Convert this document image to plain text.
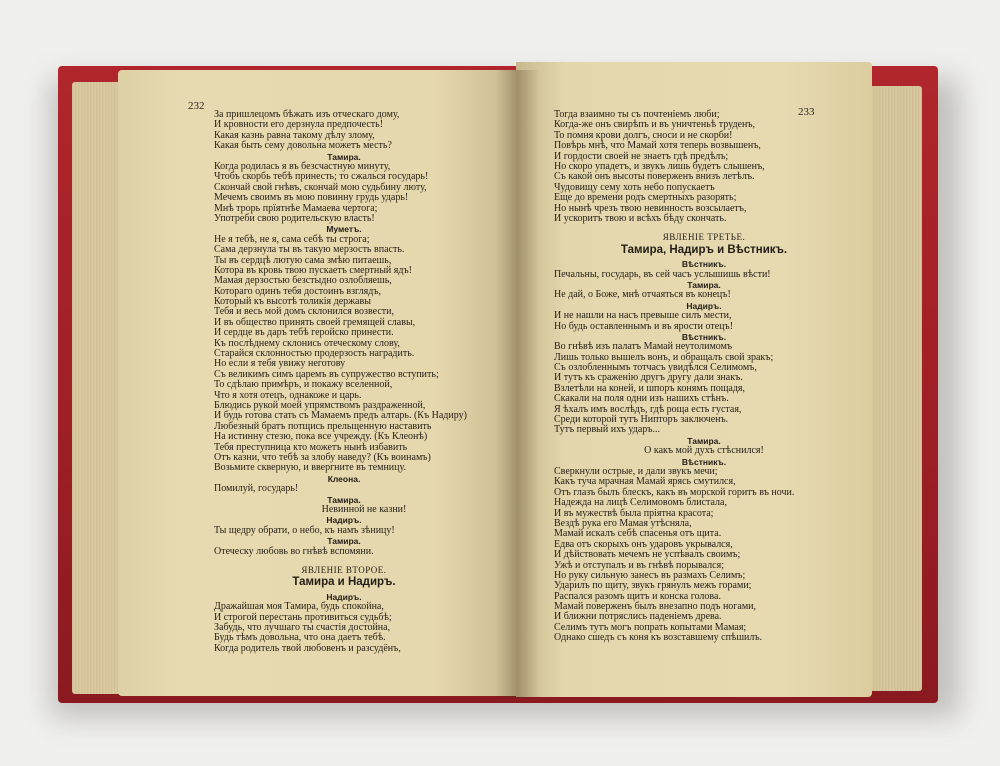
232
За пришлецомъ бѣжать изъ отческаго дому,
И кровности его дерзнула предпочесть!
Какая казнь равна такому дѣлу злому,
Какая быть сему довольна можетъ месть?
Тамира.
Когда родилась я въ безсчастную минуту,
Чтобъ скорбь тебѣ принесть; то сжалься государь!
Скончай свой гнѣвъ, скончай мою судьбину люту,
Мечемъ своимъ въ мою повинну грудь ударь!
Мнѣ трорь прїятнѣе Мамаева чертога;
Употреби свою родительскую власть!
Муметъ.
Не я тебѣ, не я, сама себѣ ты строга;
Сама дерзнула ты въ такую мерзость впасть.
Ты въ сердцѣ лютую сама змѣю питаешь,
Котора въ кровь твою пускаетъ смертный ядъ!
Мамая дерзостью безстыдно озлобляешь,
Котораго одинъ тебя достоинъ взглядъ,
Который къ высотѣ толикiя державы
Тебя и весь мой домъ склонился возвести,
И въ общество принять своей гремящей славы,
И сердце въ даръ тебѣ геройско принести.
Къ послѣднему склонись отеческому слову,
Старайся склонностью продерзость наградить.
Но если я тебя увижу неготову
Съ великимъ симъ царемъ въ супружество вступить;
То сдѣлаю примѣръ, и покажу вселенной,
Что я хотя отецъ, однакоже и царь.
Блюдись рукой моей упрямствомъ раздраженной,
И будь готова стать съ Мамаемъ предъ алтарь. (Къ Надиру)
Любезный братъ потщись прельщенную наставить
На истинну стезю, пока все учрежду. (Къ Клеонѣ)
Тебя преступница кто можетъ нынѣ избавить
Отъ казни, что тебѣ за злобу наведу? (Къ воинамъ)
Возьмите скверную, и ввергните въ темницу.
Клеона.
Помилуй, государь!
Тамира.
Невинной не казни!
Надиръ.
Ты щедру обрати, о небо, къ намъ зѣницу!
Тамира.
Отеческу любовь во гнѣвѣ вспомяни.
ЯВЛЕНІЕ ВТОРОЕ.
Тамира и Надиръ.
Надиръ.
Дражайшая моя Тамира, будь спокойна,
И строгой перестань противиться судьбѣ;
Забудь, что лучшаго ты счастiя достойна,
Будь тѣмъ довольна, что она даетъ тебѣ.
Когда родитель твой любовенъ и разсудёнъ,
233
Тогда взаимно ты съ почтенiемъ люби;
Когда-же онъ свирѣпъ и въ уничтеньѣ труденъ,
То помня крови долгъ, сноси и не скорби!
Повѣрь мнѣ, что Мамай хотя теперь возвышенъ,
И гордости своей не знаетъ гдѣ предѣлъ;
Но скоро упадетъ, и звукъ лишь будетъ слышенъ,
Съ какой онъ высоты поверженъ внизъ летѣлъ.
Чудовищу сему хоть небо попускаетъ
Еще до времени родъ смертныхъ разорять;
Но нынѣ чрезъ твою невинность возсылаетъ,
И ускоритъ твою и всѣхъ бѣду скончать.
ЯВЛЕНІЕ ТРЕТЬЕ.
Тамира, Надиръ и Вѣстникъ.
Вѣстникъ.
Печальны, государь, въ сей часъ услышишь вѣсти!
Тамира.
Не дай, о Боже, мнѣ отчаяться въ конецъ!
Надиръ.
И не нашли на насъ превыше силъ мести,
Но будь оставленнымъ и въ ярости отецъ!
Вѣстникъ.
Во гнѣвѣ изъ палатъ Мамай неутолимомъ
Лишь только вышелъ вонъ, и обращалъ свой зракъ;
Съ озлобленнымъ тотчасъ увидѣлся Селимомъ,
И тутъ къ сраженiю другъ другу дали знакъ.
Взлетѣли на коней, и шпоръ конямъ пощадя,
Скакали на поля одни изъ нашихъ стѣнъ.
Я ѣхалъ имъ вослѣдъ, гдѣ роща есть густая,
Среди которой тутъ Нипторъ заключенъ.
Тутъ первый ихъ ударъ...
Тамира.
О какъ мой духъ стѣснился!
Вѣстникъ.
Сверкнули острые, и дали звукъ мечи;
Какъ туча мрачная Мамай ярясь смутился,
Отъ глазъ былъ блескъ, какъ въ морской горитъ въ ночи.
Надежда на лицѣ Селимовомъ блистала,
И въ мужествѣ была прiятна красота;
Вездѣ рука его Мамая утѣсняла,
Мамай искалъ себѣ спасенья отъ щита.
Едва отъ скорыхъ онъ ударовъ укрывался,
И дѣйствовать мечемъ не успѣвалъ своимъ;
Ужѣ и отступалъ и въ гнѣвѣ порывался;
Но руку сильную занесъ въ размахъ Селимъ;
Ударилъ по щиту, звукъ грянулъ межъ горами;
Распался разомъ щитъ и конска голова.
Мамай поверженъ былъ внезапно подъ ногами,
И ближни потряслись паденiемъ древа.
Селимъ тутъ могъ попрать копытами Мамая;
Однако сшедъ съ коня къ возставшему спѣшилъ.
